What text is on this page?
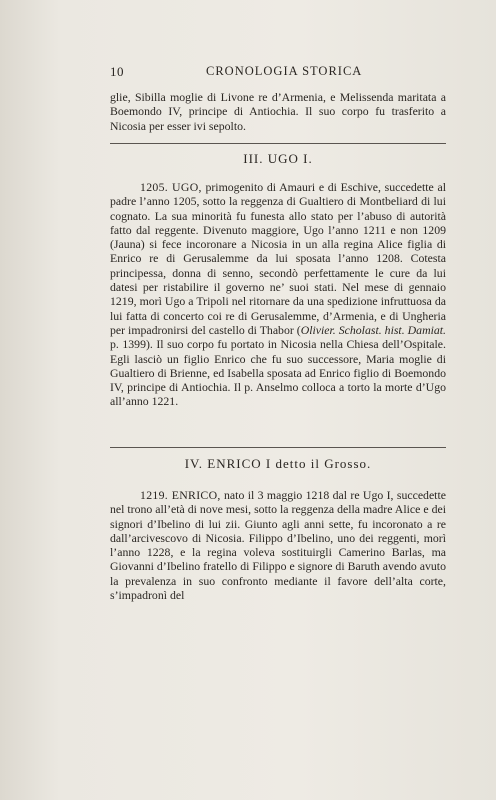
10	CRONOLOGIA STORICA

glie, Sibilla moglie di Livone re d’Armenia, e Melissenda maritata a Boemondo IV, principe di Antiochia. Il suo corpo fu trasferito a Nicosia per esser ivi sepolto.

III. UGO I.

1205. UGO, primogenito di Amauri e di Eschive, succedette al padre l’anno 1205, sotto la reggenza di Gualtiero di Montbeliard di lui cognato. La sua minorità fu funesta allo stato per l’abuso di autorità fatto dal reggente. Divenuto maggiore, Ugo l’anno 1211 e non 1209 (Jauna) si fece incoronare a Nicosia in un alla regina Alice figlia di Enrico re di Gerusalemme da lui sposata l’anno 1208. Cotesta principessa, donna di senno, secondò perfettamente le cure da lui datesi per ristabilire il governo ne’ suoi stati. Nel mese di gennaio 1219, morì Ugo a Tripoli nel ritornare da una spedizione infruttuosa da lui fatta di concerto coi re di Gerusalemme, d’Armenia, e di Ungheria per impadronirsi del castello di Thabor (Olivier. Scholast. hist. Damiat. p. 1399). Il suo corpo fu portato in Nicosia nella Chiesa dell’Ospitale. Egli lasciò un figlio Enrico che fu suo successore, Maria moglie di Gualtiero di Brienne, ed Isabella sposata ad Enrico figlio di Boemondo IV, principe di Antiochia. Il p. Anselmo colloca a torto la morte d’Ugo all’anno 1221.

IV. ENRICO I detto il Grosso.

1219. ENRICO, nato il 3 maggio 1218 dal re Ugo I, succedette nel trono all’età di nove mesi, sotto la reggenza della madre Alice e dei signori d’Ibelino di lui zii. Giunto agli anni sette, fu incoronato a re dall’arcivescovo di Nicosia. Filippo d’Ibelino, uno dei reggenti, morì l’anno 1228, e la regina voleva sostituirgli Camerino Barlas, ma Giovanni d’Ibelino fratello di Filippo e signore di Baruth avendo avuto la prevalenza in suo confronto mediante il favore dell’alta corte, s’impadronì del
